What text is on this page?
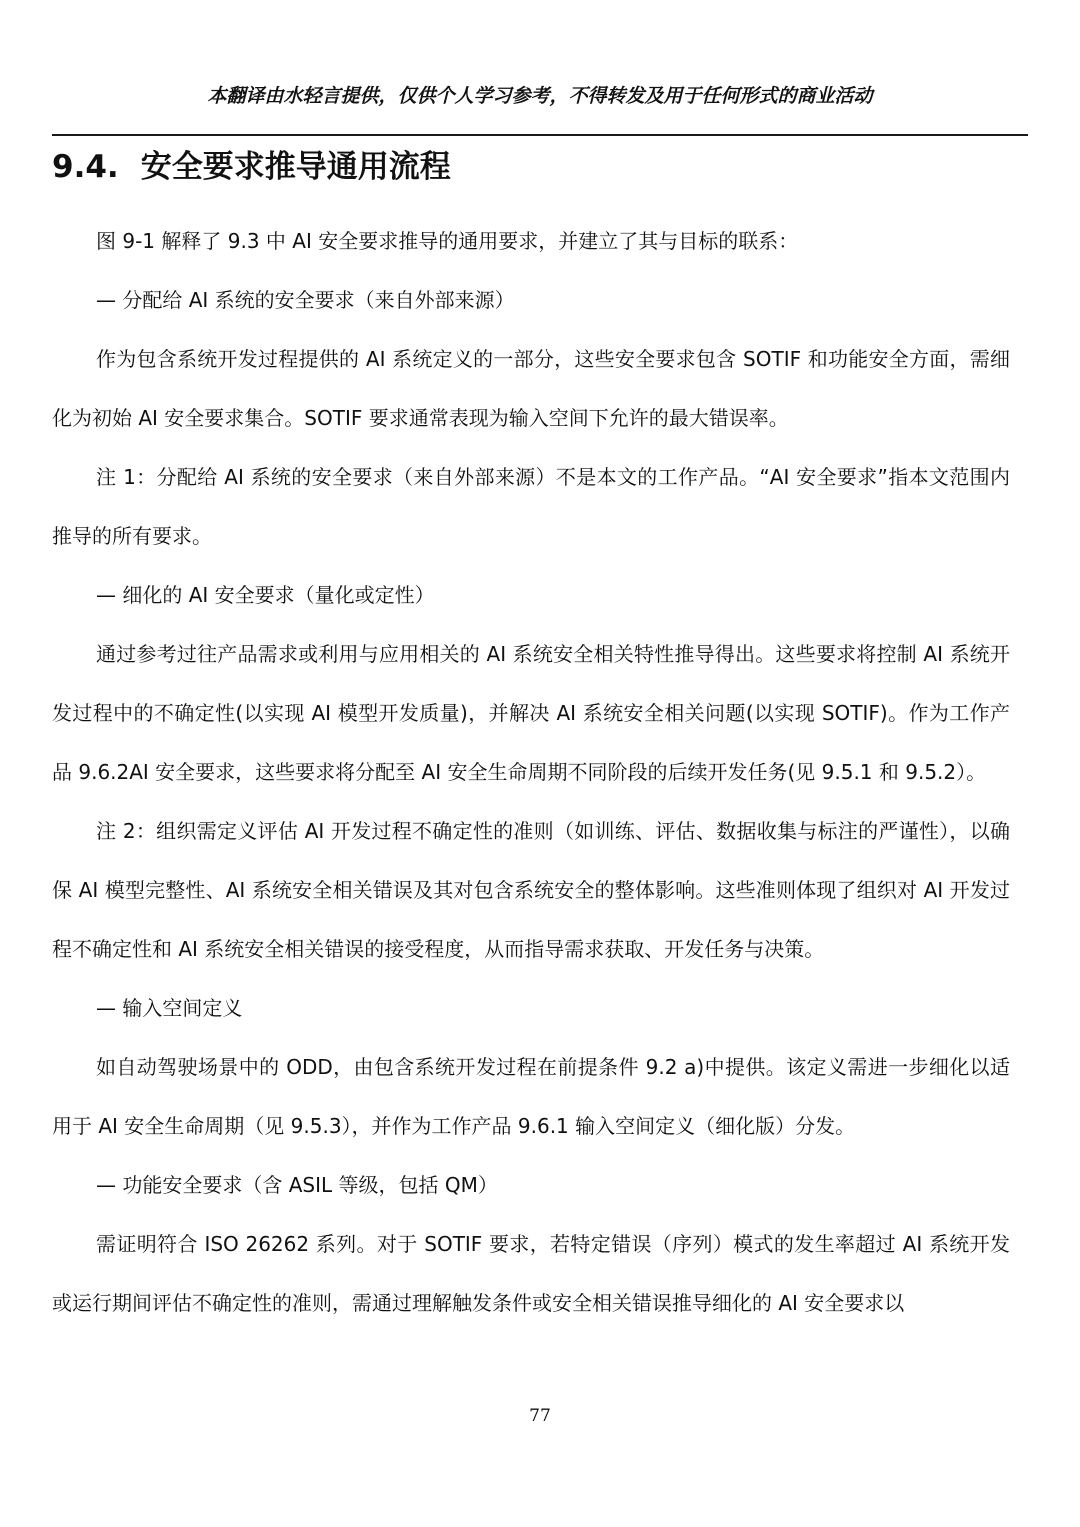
本翻译由水轻言提供，仅供个人学习参考，不得转发及用于任何形式的商业活动
9.4. 安全要求推导通用流程

图 9-1 解释了 9.3 中 AI 安全要求推导的通用要求，并建立了其与目标的联系：

— 分配给 AI 系统的安全要求（来自外部来源）

作为包含系统开发过程提供的 AI 系统定义的一部分，这些安全要求包含 SOTIF 和功能安全方面，需细化为初始 AI 安全要求集合。SOTIF 要求通常表现为输入空间下允许的最大错误率。

注 1：分配给 AI 系统的安全要求（来自外部来源）不是本文的工作产品。“AI 安全要求”指本文范围内推导的所有要求。

— 细化的 AI 安全要求（量化或定性）

通过参考过往产品需求或利用与应用相关的 AI 系统安全相关特性推导得出。这些要求将控制 AI 系统开发过程中的不确定性(以实现 AI 模型开发质量)，并解决 AI 系统安全相关问题(以实现 SOTIF)。作为工作产品 9.6.2AI 安全要求，这些要求将分配至 AI 安全生命周期不同阶段的后续开发任务(见 9.5.1 和 9.5.2）。

注 2：组织需定义评估 AI 开发过程不确定性的准则（如训练、评估、数据收集与标注的严谨性），以确保 AI 模型完整性、AI 系统安全相关错误及其对包含系统安全的整体影响。这些准则体现了组织对 AI 开发过程不确定性和 AI 系统安全相关错误的接受程度，从而指导需求获取、开发任务与决策。

— 输入空间定义

如自动驾驶场景中的 ODD，由包含系统开发过程在前提条件 9.2 a)中提供。该定义需进一步细化以适用于 AI 安全生命周期（见 9.5.3），并作为工作产品 9.6.1 输入空间定义（细化版）分发。

— 功能安全要求（含 ASIL 等级，包括 QM）

需证明符合 ISO 26262 系列。对于 SOTIF 要求，若特定错误（序列）模式的发生率超过 AI 系统开发或运行期间评估不确定性的准则，需通过理解触发条件或安全相关错误推导细化的 AI 安全要求以

77
